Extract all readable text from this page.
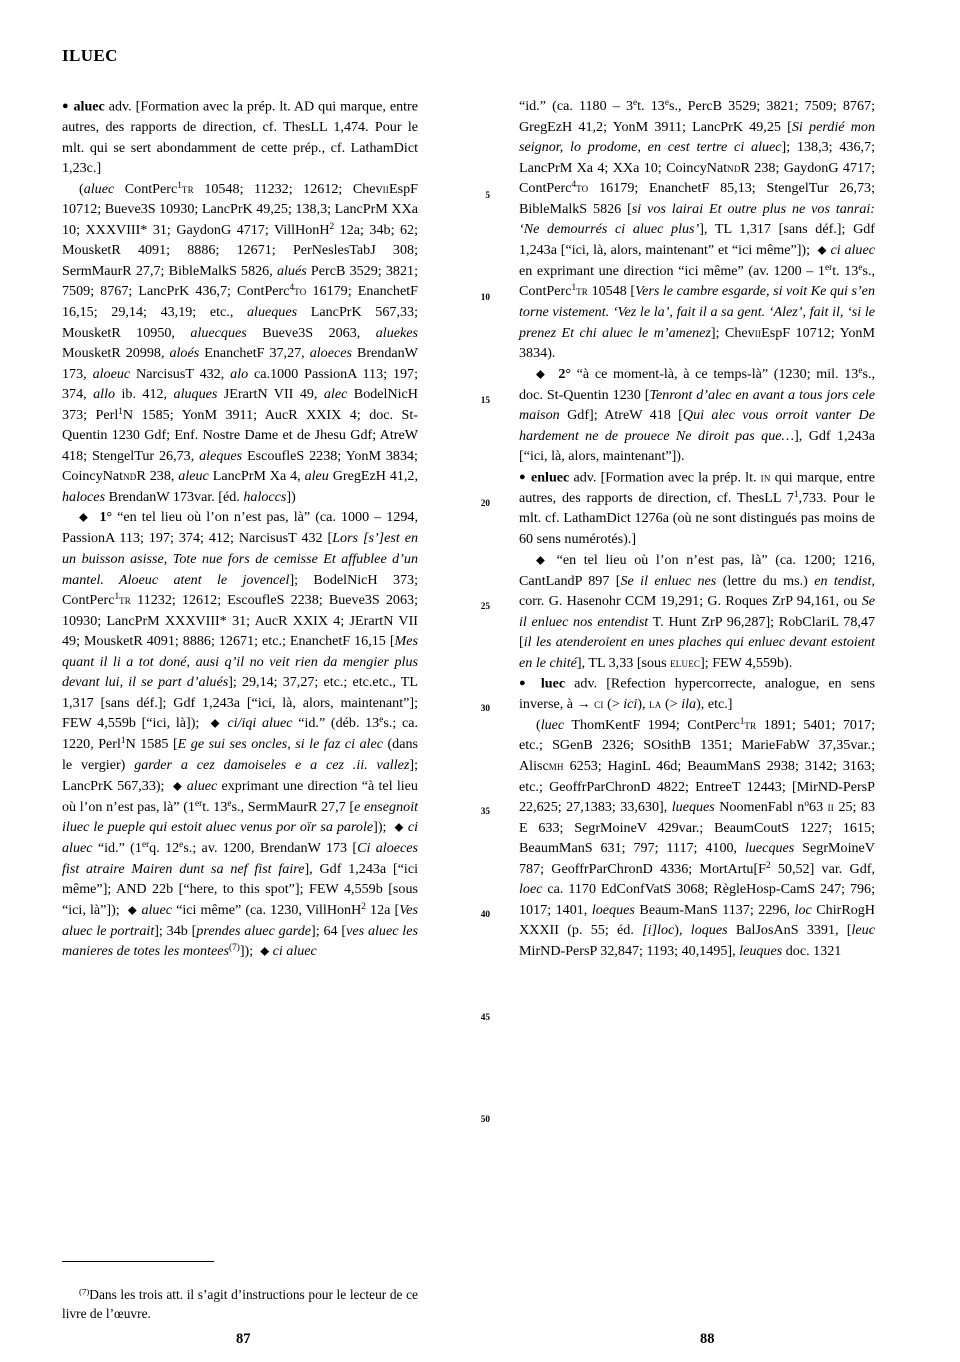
ILUEC
5
10
15
20
25
30
35
40
45
50

● aluec adv. [Formation avec la prép. lt. AD qui marque, entre autres, des rapports de direction, cf. ThesLL 1,474. Pour le mlt. qui se sert abondamment de cette prép., cf. LathamDict 1,23c.]

(aluec ContPerc$^1$tr 10548; 11232; 12612; CheviiEspF 10712; Bueve3S 10930; LancPrK 49,25; 138,3; LancPrM XXa 10; XXXVIII* 31; GaydonG 4717; VillHonH$^2$ 12a; 34b; 62; MousketR 4091; 8886; 12671; PerNeslesTabJ 308; SermMaurR 27,7; BibleMalkS 5826, alués PercB 3529; 3821; 7509; 8767; LancPrK 436,7; ContPerc$^4$to 16179; EnanchetF 16,15; 29,14; 43,19; etc., alueques LancPrK 567,33; MousketR 10950, aluecques Bueve3S 2063, aluekes MousketR 20998, aloés EnanchetF 37,27, aloeces BrendanW 173, aloeuc NarcisusT 432, alo ca.1000 PassionA 113; 197; 374, allo ib. 412, aluques JErartN VII 49, alec BodelNicH 373; Perl$^1$N 1585; YonM 3911; AucR XXIX 4; doc. St-Quentin 1230 Gdf; Enf. Nostre Dame et de Jhesu Gdf; AtreW 418; StengelTur 26,73, aleques EscoufleS 2238; YonM 3834; CoincyNatndR 238, aleuc LancPrM Xa 4, aleu GregEzH 41,2, haloces BrendanW 173var. [éd. haloccs])

◆ 1° “en tel lieu où l’on n’est pas, là” (ca. 1000 – 1294, PassionA 113; 197; 374; 412; NarcisusT 432 [Lors [s’]est en un buisson asisse, Tote nue fors de cemisse Et affublee d’un mantel. Aloeuc atent le jovencel]; BodelNicH 373; ContPerc$^1$tr 11232; 12612; EscoufleS 2238; Bueve3S 2063; 10930; LancPrM XXXVIII* 31; AucR XXIX 4; JErartN VII 49; MousketR 4091; 8886; 12671; etc.; EnanchetF 16,15 [Mes quant il li a tot doné, ausi q’il no veit rien da mengier plus devant lui, il se part d’alués]; 29,14; 37,27; etc.; etc.etc., TL 1,317 [sans déf.]; Gdf 1,243a [“ici, là, alors, maintenant”]; FEW 4,559b [“ici, là]);  ◆ ci/iqi aluec “id.” (déb. 13es.; ca. 1220, Perl$^1$N 1585 [E ge sui ses oncles, si le faz ci alec (dans le vergier) garder a cez damoiseles e a cez .ii. vallez]; LancPrK 567,33);  ◆ aluec exprimant une direction “à tel lieu où l’on n’est pas, là” (1ert. 13es., SermMaurR 27,7 [e ensegnoit iluec le pueple qui estoit aluec venus por oïr sa parole]);  ◆ ci aluec “id.” (1erq. 12es.; av. 1200, BrendanW 173 [Ci aloeces fist atraire Mairen dunt sa nef fist faire], Gdf 1,243a [“ici même”]; AND 22b [“here, to this spot”]; FEW 4,559b [sous “ici, là”]);  ◆ aluec “ici même” (ca. 1230, VillHonH$^2$ 12a [Ves aluec le portrait]; 34b [prendes aluec garde]; 64 [ves aluec les manieres de totes les montees$^{(7)}$]);  ◆ ci aluec

“id.” (ca. 1180 – 3et. 13es., PercB 3529; 3821; 7509; 8767; GregEzH 41,2; YonM 3911; LancPrK 49,25 [Si perdié mon seignor, lo prodome, en cest tertre ci aluec]; 138,3; 436,7; LancPrM Xa 4; XXa 10; CoincyNatndR 238; GaydonG 4717; ContPerc$^4$to 16179; EnanchetF 85,13; StengelTur 26,73; BibleMalkS 5826 [si vos lairai Et outre plus ne vos tanrai: ‘Ne demourrés ci aluec plus’], TL 1,317 [sans déf.]; Gdf 1,243a [“ici, là, alors, maintenant” et “ici même”]);  ◆ ci aluec en exprimant une direction “ici même” (av. 1200 – 1ert. 13es., ContPerc$^1$tr 10548 [Vers le cambre esgarde, si voit Ke qui s’en torne vistement. ‘Vez le la’, fait il a sa gent. ‘Alez’, fait il, ‘si le prenez Et chi aluec le m’amenez]; CheviiEspF 10712; YonM 3834).

◆ 2° “à ce moment-là, à ce temps-là” (1230; mil. 13es., doc. St-Quentin 1230 [Tenront d’alec en avant a tous jors cele maison Gdf]; AtreW 418 [Qui alec vous orroit vanter De hardement ne de prouece Ne diroit pas que…], Gdf 1,243a [“ici, là, alors, maintenant”]).

● enluec adv. [Formation avec la prép. lt. in qui marque, entre autres, des rapports de direction, cf. ThesLL $7^1,733$. Pour le mlt. cf. LathamDict 1276a (où ne sont distingués pas moins de 60 sens numérotés).]

◆ “en tel lieu où l’on n’est pas, là” (ca. 1200; 1216, CantLandP 897 [Se il enluec nes (lettre du ms.) en tendist, corr. G. Hasenohr CCM 19,291; G. Roques ZrP 94,161, ou Se il enluec nos entendist T. Hunt ZrP 96,287]; RobClariL 78,47 [il les atenderoient en unes plaches qui enluec devant estoient en le chité], TL 3,33 [sous eluec]; FEW 4,559b).

● luec adv. [Refection hypercorrecte, analogue, en sens inverse, à → ci (> ici), la (> ila), etc.]

(luec ThomKentF 1994; ContPerc$^1$tr 1891; 5401; 7017; etc.; SGenB 2326; SOsithB 1351; MarieFabW 37,35var.; Aliscmh 6253; HaginL 46d; BeaumManS 2938; 3142; 3163; etc.; GeoffrParChronD 4822; EntreeT 12443; [MirND‑PersP 22,625; 27,1383; 33,630], lueques NoomenFabl $n^o63$ ii 25; 83 E 633; SegrMoineV 429var.; BeaumCoutS 1227; 1615; BeaumManS 631; 797; 1117; 4100, luecques SegrMoineV 787; GeoffrParChronD 4336; $MortArtu[F^2$ 50,52] var. Gdf, loec ca. 1170 EdConfVatS 3068; RègleHosp‑CamS 247; 796; 1017; 1401, loeques Beaum‑ManS 1137; 2296, loc ChirRogH XXXII (p. 55; éd. [i]loc), loques BalJosAnS 3391, [leuc MirND‑PersP 32,847; 1193; 40,1495], leuques doc. 1321

$^{(7)}$Dans les trois att. il s’agit d’instructions pour le lecteur de ce livre de l’œuvre.

87	88
